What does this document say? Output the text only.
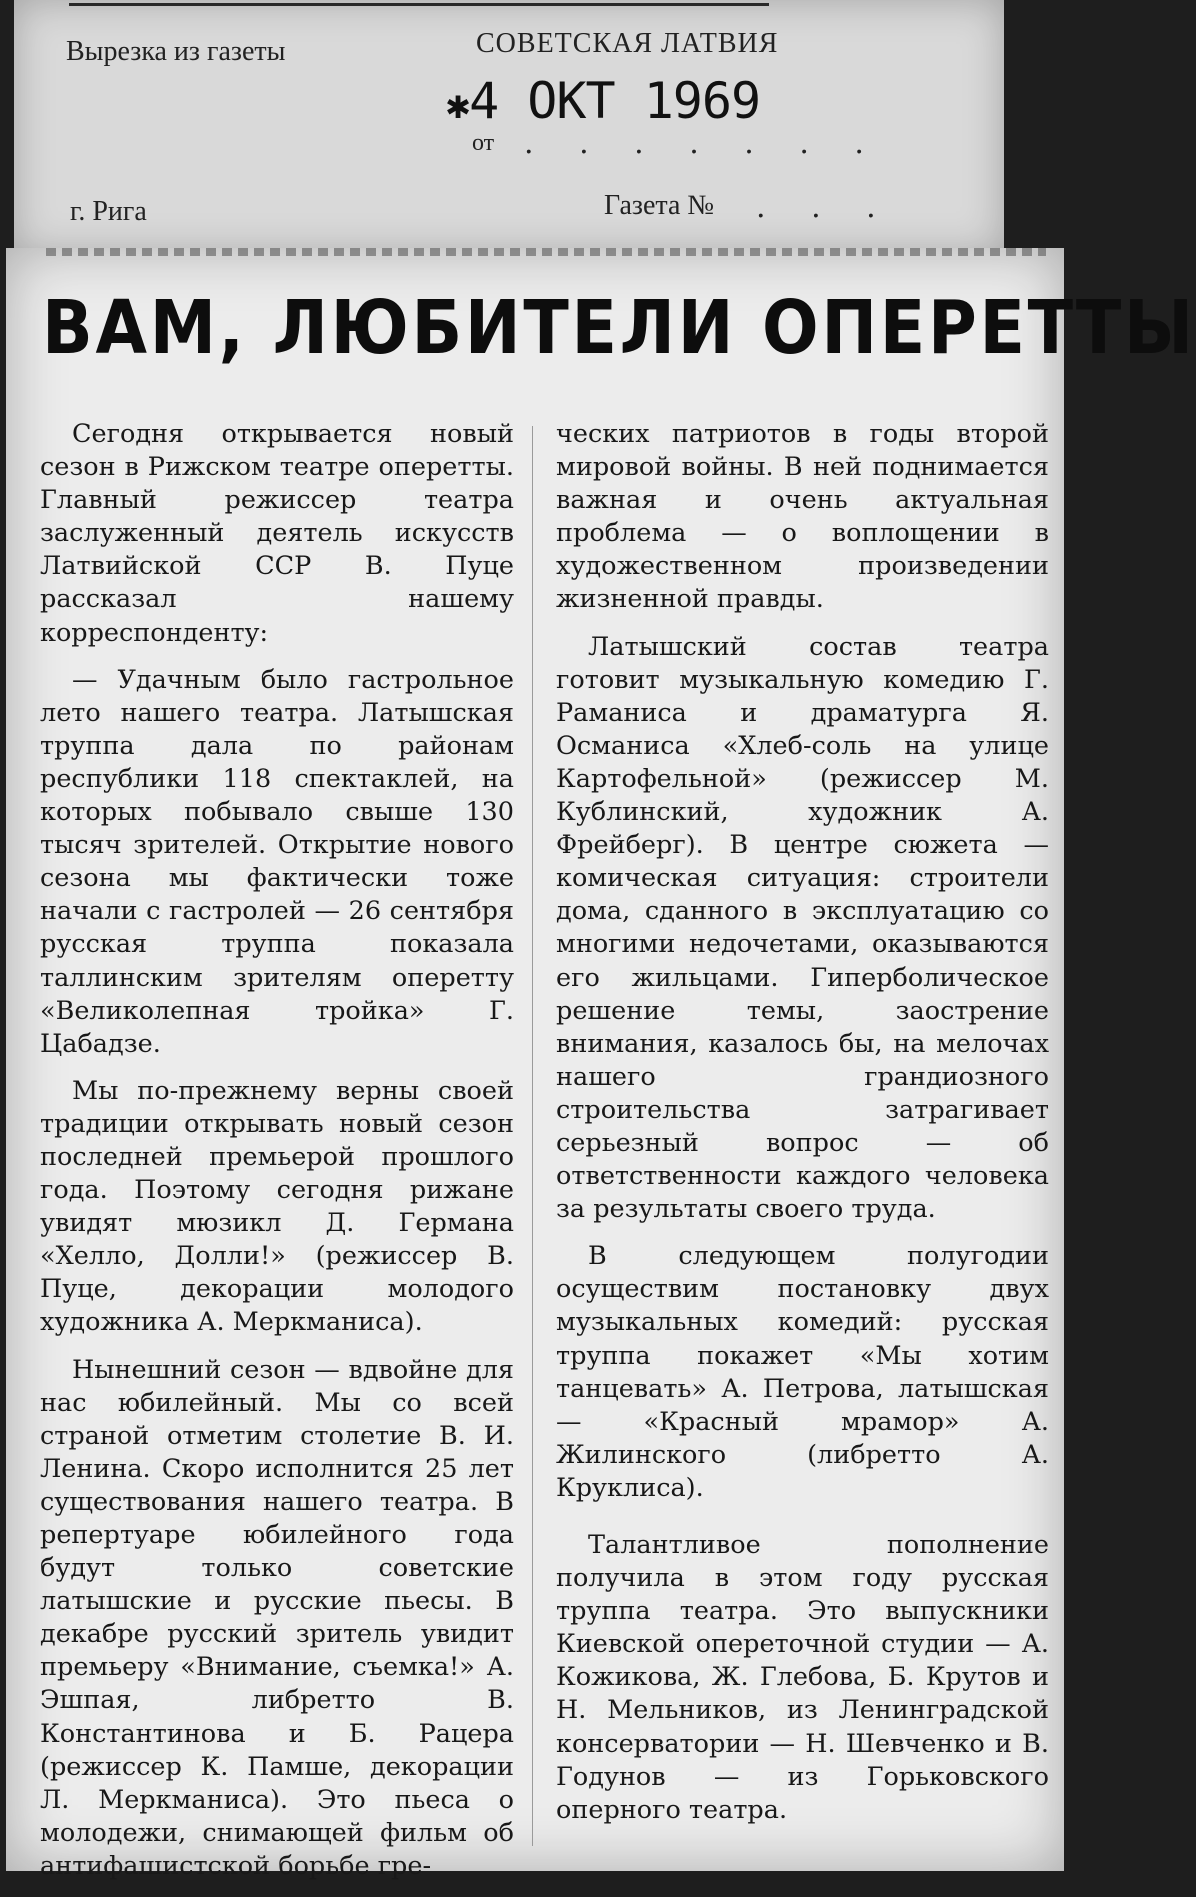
Вырезка из газеты	СОВЕТСКАЯ ЛАТВИЯ
✱4 ОКТ 1969
от . . . . . . .
г. Рига	Газета № . . .
ВАМ, ЛЮБИТЕЛИ ОПЕРЕТТЫ

Сегодня открывается новый сезон в Рижском театре оперетты. Главный режиссер театра заслуженный деятель искусств Латвийской ССР В. Пуце рассказал нашему корреспонденту:

— Удачным было гастрольное лето нашего театра. Латышская труппа дала по районам республики 118 спектаклей, на которых побывало свыше 130 тысяч зрителей. Открытие нового сезона мы фактически тоже начали с гастролей — 26 сентября русская труппа показала таллинским зрителям оперетту «Великолепная тройка» Г. Цабадзе.

Мы по-прежнему верны своей традиции открывать новый сезон последней премьерой прошлого года. Поэтому сегодня рижане увидят мюзикл Д. Германа «Хелло, Долли!» (режиссер В. Пуце, декорации молодого художника А. Меркманиса).

Нынешний сезон — вдвойне для нас юбилейный. Мы со всей страной отметим столетие В. И. Ленина. Скоро исполнится 25 лет существования нашего театра. В репертуаре юбилейного года будут только советские латышские и русские пьесы. В декабре русский зритель увидит премьеру «Внимание, съемка!» А. Эшпая, либретто В. Константинова и Б. Рацера (режиссер К. Памше, декорации Л. Меркманиса). Это пьеса о молодежи, снимающей фильм об антифашистской борьбе гре-

ческих патриотов в годы второй мировой войны. В ней поднимается важная и очень актуальная проблема — о воплощении в художественном произведении жизненной правды.

Латышский состав театра готовит музыкальную комедию Г. Раманиса и драматурга Я. Османиса «Хлеб-соль на улице Картофельной» (режиссер М. Кублинский, художник А. Фрейберг). В центре сюжета — комическая ситуация: строители дома, сданного в эксплуатацию со многими недочетами, оказываются его жильцами. Гиперболическое решение темы, заострение внимания, казалось бы, на мелочах нашего грандиозного строительства затрагивает серьезный вопрос — об ответственности каждого человека за результаты своего труда.

В следующем полугодии осуществим постановку двух музыкальных комедий: русская труппа покажет «Мы хотим танцевать» А. Петрова, латышская — «Красный мрамор» А. Жилинского (либретто А. Круклиса).

Талантливое пополнение получила в этом году русская труппа театра. Это выпускники Киевской опереточной студии — А. Кожикова, Ж. Глебова, Б. Крутов и Н. Мельников, из Ленинградской консерватории — Н. Шевченко и В. Годунов — из Горьковского оперного театра.
